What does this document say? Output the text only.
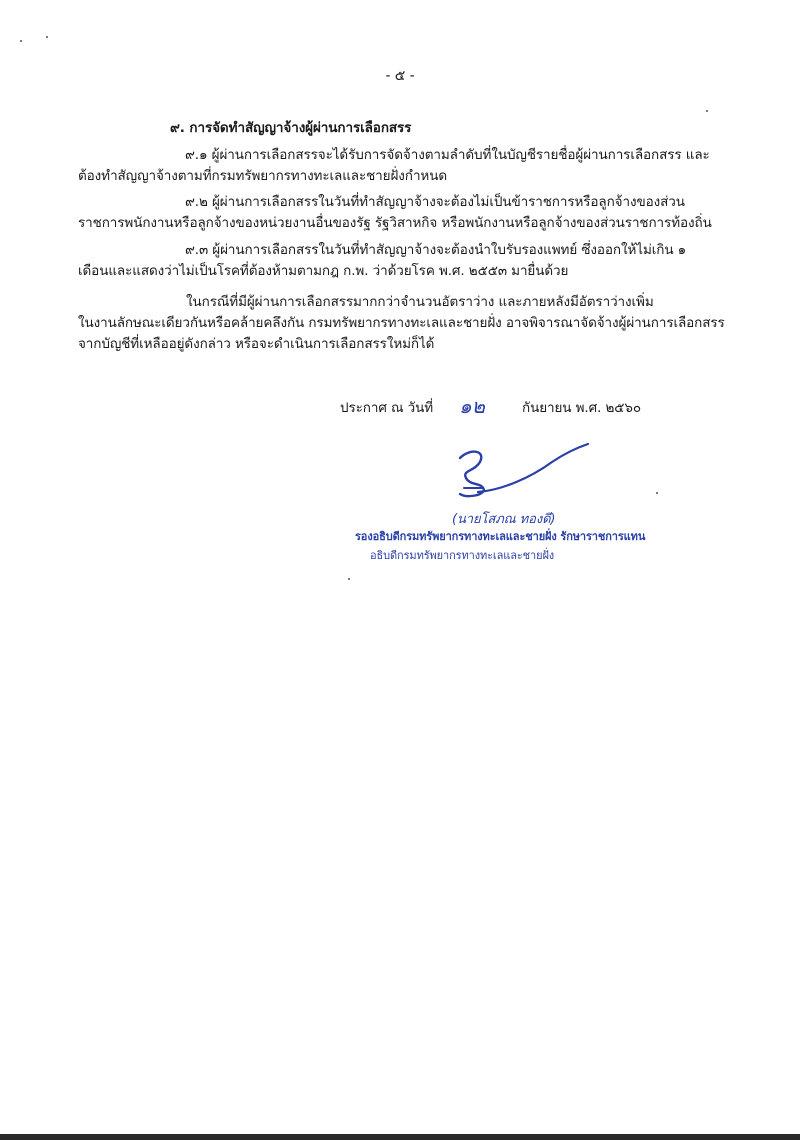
- ๕ -
๙. การจัดทำสัญญาจ้างผู้ผ่านการเลือกสรร
๙.๑ ผู้ผ่านการเลือกสรรจะได้รับการจัดจ้างตามลำดับที่ในบัญชีรายชื่อผู้ผ่านการเลือกสรร และ
ต้องทำสัญญาจ้างตามที่กรมทรัพยากรทางทะเลและชายฝั่งกำหนด
๙.๒ ผู้ผ่านการเลือกสรรในวันที่ทำสัญญาจ้างจะต้องไม่เป็นข้าราชการหรือลูกจ้างของส่วน
ราชการพนักงานหรือลูกจ้างของหน่วยงานอื่นของรัฐ รัฐวิสาหกิจ หรือพนักงานหรือลูกจ้างของส่วนราชการท้องถิ่น
๙.๓ ผู้ผ่านการเลือกสรรในวันที่ทำสัญญาจ้างจะต้องนำใบรับรองแพทย์ ซึ่งออกให้ไม่เกิน ๑
เดือนและแสดงว่าไม่เป็นโรคที่ต้องห้ามตามกฎ ก.พ. ว่าด้วยโรค พ.ศ. ๒๕๕๓ มายื่นด้วย
ในกรณีที่มีผู้ผ่านการเลือกสรรมากกว่าจำนวนอัตราว่าง และภายหลังมีอัตราว่างเพิ่ม
ในงานลักษณะเดียวกันหรือคล้ายคลึงกัน กรมทรัพยากรทางทะเลและชายฝั่ง อาจพิจารณาจัดจ้างผู้ผ่านการเลือกสรร
จากบัญชีที่เหลืออยู่ดังกล่าว หรือจะดำเนินการเลือกสรรใหม่ก็ได้
ประกาศ ณ วันที่ ๑๒	กันยายน พ.ศ. ๒๕๖๐
(นายโสภณ ทองดี)
รองอธิบดีกรมทรัพยากรทางทะเลและชายฝั่ง รักษาราชการแทน
อธิบดีกรมทรัพยากรทางทะเลและชายฝั่ง
